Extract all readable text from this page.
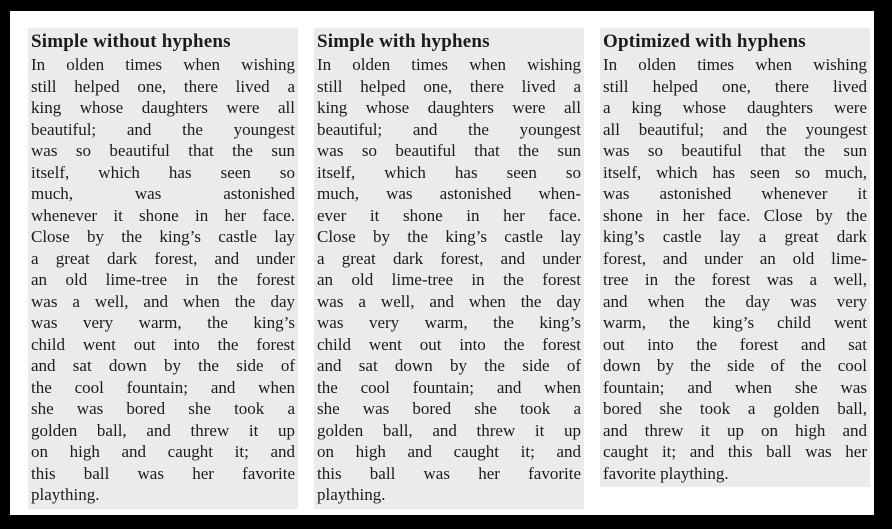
Simple without hyphens
In olden times when wishing
still helped one, there lived a
king whose daughters were all
beautiful; and the youngest
was so beautiful that the sun
itself, which has seen so
much, was astonished
whenever it shone in her face.
Close by the king’s castle lay
a great dark forest, and under
an old lime-tree in the forest
was a well, and when the day
was very warm, the king’s
child went out into the forest
and sat down by the side of
the cool fountain; and when
she was bored she took a
golden ball, and threw it up
on high and caught it; and
this ball was her favorite
plaything.
Simple with hyphens
In olden times when wishing
still helped one, there lived a
king whose daughters were all
beautiful; and the youngest
was so beautiful that the sun
itself, which has seen so
much, was astonished when-
ever it shone in her face.
Close by the king’s castle lay
a great dark forest, and under
an old lime-tree in the forest
was a well, and when the day
was very warm, the king’s
child went out into the forest
and sat down by the side of
the cool fountain; and when
she was bored she took a
golden ball, and threw it up
on high and caught it; and
this ball was her favorite
plaything.
Optimized with hyphens
In olden times when wishing
still helped one, there lived
a king whose daughters were
all beautiful; and the youngest
was so beautiful that the sun
itself, which has seen so much,
was astonished whenever it
shone in her face. Close by the
king’s castle lay a great dark
forest, and under an old lime-
tree in the forest was a well,
and when the day was very
warm, the king’s child went
out into the forest and sat
down by the side of the cool
fountain; and when she was
bored she took a golden ball,
and threw it up on high and
caught it; and this ball was her
favorite plaything.
